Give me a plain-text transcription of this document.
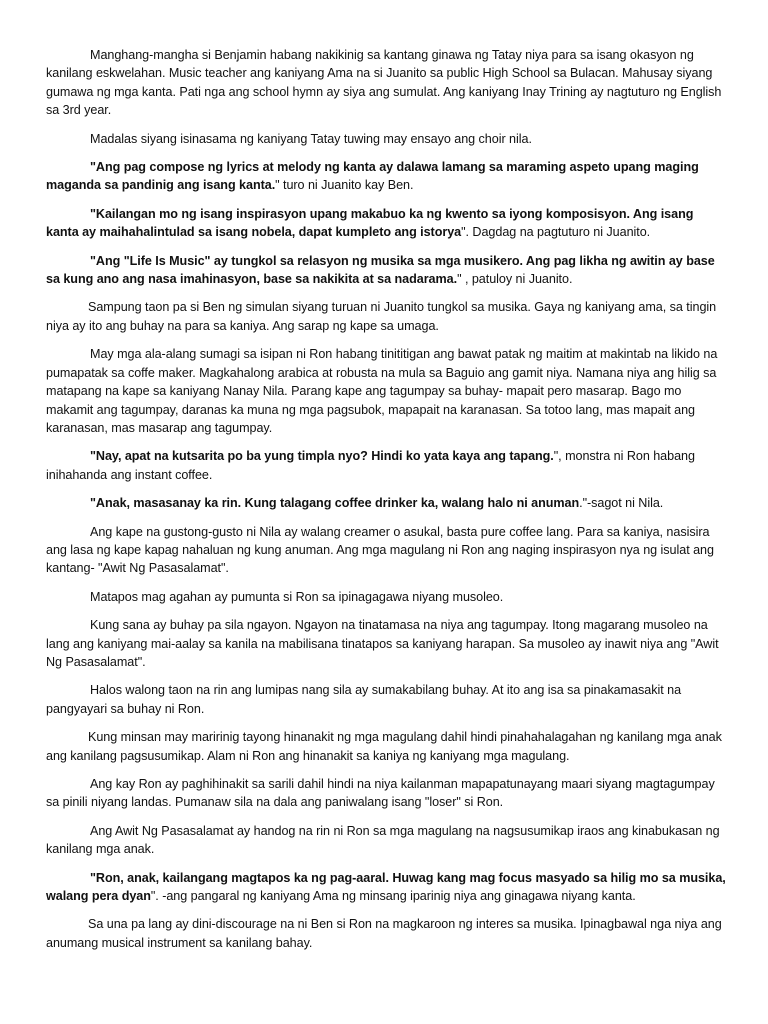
Manghang-mangha si Benjamin habang nakikinig sa kantang ginawa ng Tatay niya para sa isang okasyon ng kanilang eskwelahan. Music teacher ang kaniyang Ama na si Juanito sa public High School sa Bulacan. Mahusay siyang gumawa ng mga kanta. Pati nga ang school hymn ay siya ang sumulat. Ang kaniyang Inay Trining ay nagtuturo ng English sa 3rd year.

Madalas siyang isinasama ng kaniyang Tatay tuwing may ensayo ang choir nila.

"Ang pag compose ng lyrics at melody ng kanta ay dalawa lamang sa maraming aspeto upang maging maganda sa pandinig ang isang kanta." turo ni Juanito kay Ben.

"Kailangan mo ng isang inspirasyon upang makabuo ka ng kwento sa iyong komposisyon. Ang isang kanta ay maihahalintulad sa isang nobela, dapat kumpleto ang istorya". Dagdag na pagtuturo ni Juanito.

"Ang "Life Is Music" ay tungkol sa relasyon ng musika sa mga musikero. Ang pag likha ng awitin ay base sa kung ano ang nasa imahinasyon, base sa nakikita at sa nadarama." , patuloy ni Juanito.

Sampung taon pa si Ben ng simulan siyang turuan ni Juanito tungkol sa musika. Gaya ng kaniyang ama, sa tingin niya ay ito ang buhay na para sa kaniya. Ang sarap ng kape sa umaga.

May mga ala-alang sumagi sa isipan ni Ron habang tinititigan ang bawat patak ng maitim at makintab na likido na pumapatak sa coffe maker. Magkahalong arabica at robusta na mula sa Baguio ang gamit niya. Namana niya ang hilig sa matapang na kape sa kaniyang Nanay Nila. Parang kape ang tagumpay sa buhay- mapait pero masarap. Bago mo makamit ang tagumpay, daranas ka muna ng mga pagsubok, mapapait na karanasan. Sa totoo lang, mas mapait ang karanasan, mas masarap ang tagumpay.

"Nay, apat na kutsarita po ba yung timpla nyo? Hindi ko yata kaya ang tapang.", monstra ni Ron habang inihahanda ang instant coffee.

"Anak, masasanay ka rin. Kung talagang coffee drinker ka, walang halo ni anuman."-sagot ni Nila.

Ang kape na gustong-gusto ni Nila ay walang creamer o asukal, basta pure coffee lang. Para sa kaniya, nasisira ang lasa ng kape kapag nahaluan ng kung anuman. Ang mga magulang ni Ron ang naging inspirasyon nya ng isulat ang kantang- "Awit Ng Pasasalamat".

Matapos mag agahan ay pumunta si Ron sa ipinagagawa niyang musoleo.

Kung sana ay buhay pa sila ngayon. Ngayon na tinatamasa na niya ang tagumpay. Itong magarang musoleo na lang ang kaniyang mai-aalay sa kanila na mabilisana tinatapos sa kaniyang harapan. Sa musoleo ay inawit niya ang "Awit Ng Pasasalamat".

Halos walong taon na rin ang lumipas nang sila ay sumakabilang buhay. At ito ang isa sa pinakamasakit na pangyayari sa buhay ni Ron.

Kung minsan may maririnig tayong hinanakit ng mga magulang dahil hindi pinahahalagahan ng kanilang mga anak ang kanilang pagsusumikap. Alam ni Ron ang hinanakit sa kaniya ng kaniyang mga magulang.

Ang kay Ron ay paghihinakit sa sarili dahil hindi na niya kailanman mapapatunayang maari siyang magtagumpay sa pinili niyang landas. Pumanaw sila na dala ang paniwalang isang "loser" si Ron.

Ang Awit Ng Pasasalamat ay handog na rin ni Ron sa mga magulang na nagsusumikap iraos ang kinabukasan ng kanilang mga anak.

"Ron, anak, kailangang magtapos ka ng pag-aaral. Huwag kang mag focus masyado sa hilig mo sa musika, walang pera dyan". -ang pangaral ng kaniyang Ama ng minsang iparinig niya ang ginagawa niyang kanta.

Sa una pa lang ay dini-discourage na ni Ben si Ron na magkaroon ng interes sa musika. Ipinagbawal nga niya ang anumang musical instrument sa kanilang bahay.
